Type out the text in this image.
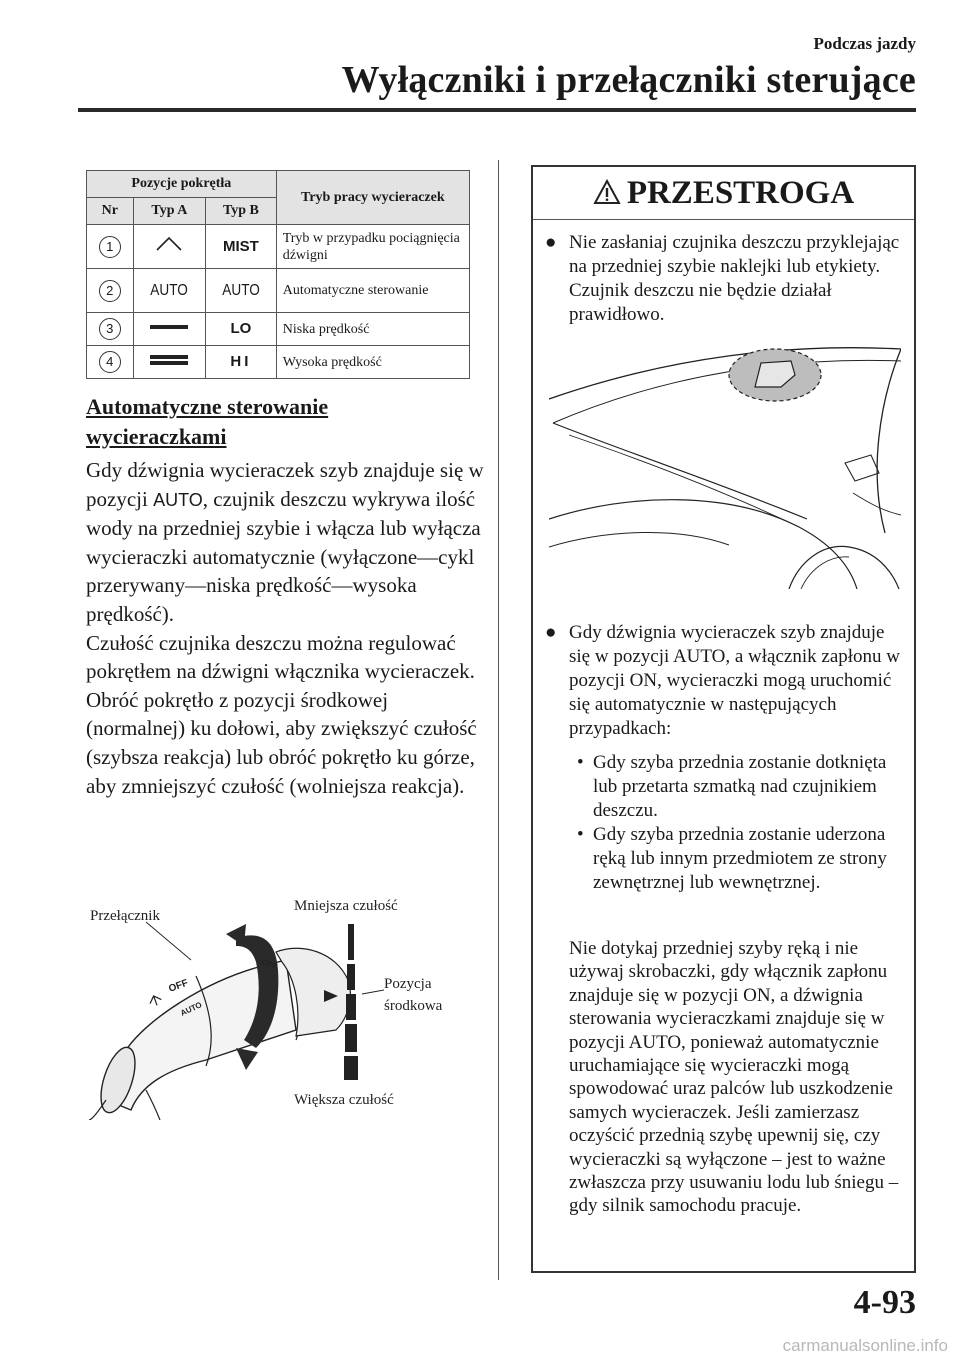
Podczas jazdy
Wyłączniki i przełączniki sterujące
Pozycje pokrętła			Tryb pracy wycieraczek
Nr	Typ A	Typ B	
1		MIST	Tryb w przypadku pociągnięcia dźwigni
2	AUTO	AUTO	Automatyczne sterowanie
3		LO	Niska prędkość
4		HI	Wysoka prędkość
Automatyczne sterowanie
wycieraczkami
Gdy dźwignia wycieraczek szyb znajduje się w pozycji AUTO, czujnik deszczu wykrywa ilość wody na przedniej szybie i włącza lub wyłącza wycieraczki automatycznie (wyłączone—cykl przerywany—niska prędkość—wysoka prędkość).
Czułość czujnika deszczu można regulować pokrętłem na dźwigni włącznika wycieraczek.
Obróć pokrętło z pozycji środkowej (normalnej) ku dołowi, aby zwiększyć czułość (szybsza reakcja) lub obróć pokrętło ku górze, aby zmniejszyć czułość (wolniejsza reakcja).
OFF
OFF
AUTO
Przełącznik
Mniejsza czułość
Pozycja
środkowa
Większa czułość
PRZESTROGA
● Nie zasłaniaj czujnika deszczu przyklejając na przedniej szybie naklejki lub etykiety. Czujnik deszczu nie będzie działał prawidłowo.
● Gdy dźwignia wycieraczek szyb znajduje się w pozycji AUTO, a włącznik zapłonu w pozycji ON, wycieraczki mogą uruchomić się automatycznie w następujących przypadkach:
• Gdy szyba przednia zostanie dotknięta lub przetarta szmatką nad czujnikiem deszczu.
• Gdy szyba przednia zostanie uderzona ręką lub innym przedmiotem ze strony zewnętrznej lub wewnętrznej.
Nie dotykaj przedniej szyby ręką i nie używaj skrobaczki, gdy włącznik zapłonu znajduje się w pozycji ON, a dźwignia sterowania wycieraczkami znajduje się w pozycji AUTO, ponieważ automatycznie uruchamiające się wycieraczki mogą spowodować uraz palców lub uszkodzenie samych wycieraczek. Jeśli zamierzasz oczyścić przednią szybę upewnij się, czy wycieraczki są wyłączone – jest to ważne zwłaszcza przy usuwaniu lodu lub śniegu – gdy silnik samochodu pracuje.
4-93
carmanualsonline.info
